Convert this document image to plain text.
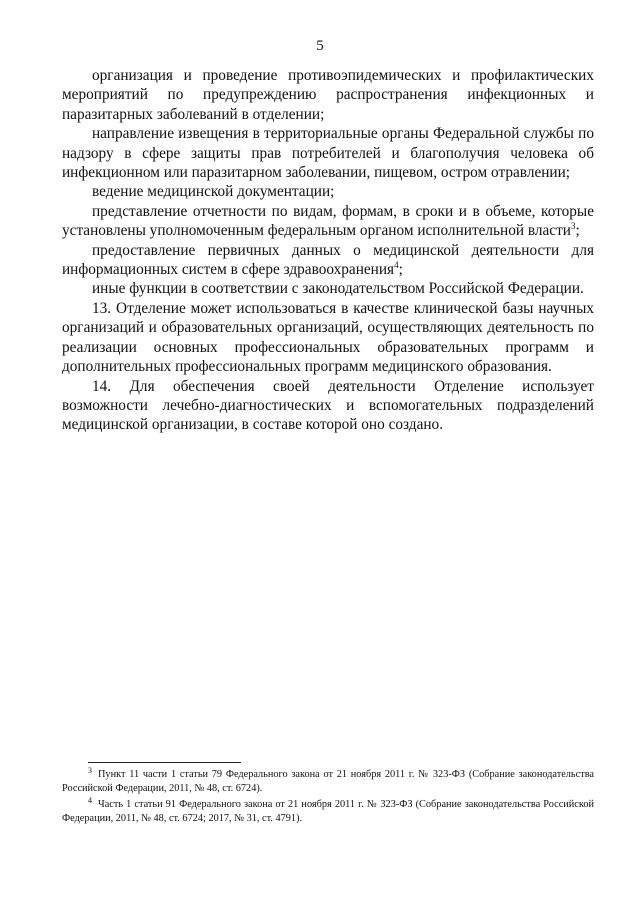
5

организация и проведение противоэпидемических и профилактических мероприятий по предупреждению распространения инфекционных и паразитарных заболеваний в отделении;

направление извещения в территориальные органы Федеральной службы по надзору в сфере защиты прав потребителей и благополучия человека об инфекционном или паразитарном заболевании, пищевом, остром отравлении;

ведение медицинской документации;

представление отчетности по видам, формам, в сроки и в объеме, которые установлены уполномоченным федеральным органом исполнительной власти$^3$;

предоставление первичных данных о медицинской деятельности для информационных систем в сфере здравоохранения$^4$;

иные функции в соответствии с законодательством Российской Федерации.

13. Отделение может использоваться в качестве клинической базы научных организаций и образовательных организаций, осуществляющих деятельность по реализации основных профессиональных образовательных программ и дополнительных профессиональных программ медицинского образования.

14. Для обеспечения своей деятельности Отделение использует возможности лечебно-диагностических и вспомогательных подразделений медицинской организации, в составе которой оно создано.

$^3$ Пункт 11 части 1 статьи 79 Федерального закона от 21 ноября 2011 г. № 323-ФЗ (Собрание законодательства Российской Федерации, 2011, № 48, ст. 6724).

$^4$ Часть 1 статьи 91 Федерального закона от 21 ноября 2011 г. № 323-ФЗ (Собрание законодательства Российской Федерации, 2011, № 48, ст. 6724; 2017, № 31, ст. 4791).
